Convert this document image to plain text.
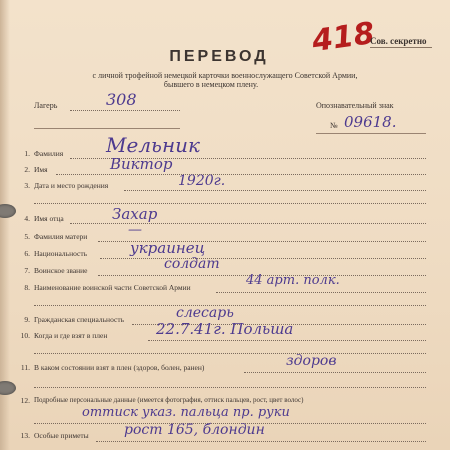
418
Сов. секретно
ПЕРЕВОД
с личной трофейной немецкой карточки военнослужащего Советской Армии,
бывшего в немецком плену.
Лагерь	308	Опознавательный знак
№ 09618.
1. Фамилия Мельник
2. Имя	Виктор
3. Дата и место рождения	1920г.
4. Имя отца	Захар
5. Фамилия матери	—
6. Национальность	украинец
7. Воинское звание	солдат
8. Наименование воинской части Советской Армии	44 арт. полк.
9. Гражданская специальность	слесарь
10. Когда и где взят в плен	22.7.41г. Польша
11. В каком состоянии взят в плен (здоров, болен, ранен)	здоров
12. Подробные персональные данные (имеется фотография, оттиск пальцев, рост, цвет волос)
оттиск указ. пальца пр. руки
13. Особые приметы	рост 165, блондин
